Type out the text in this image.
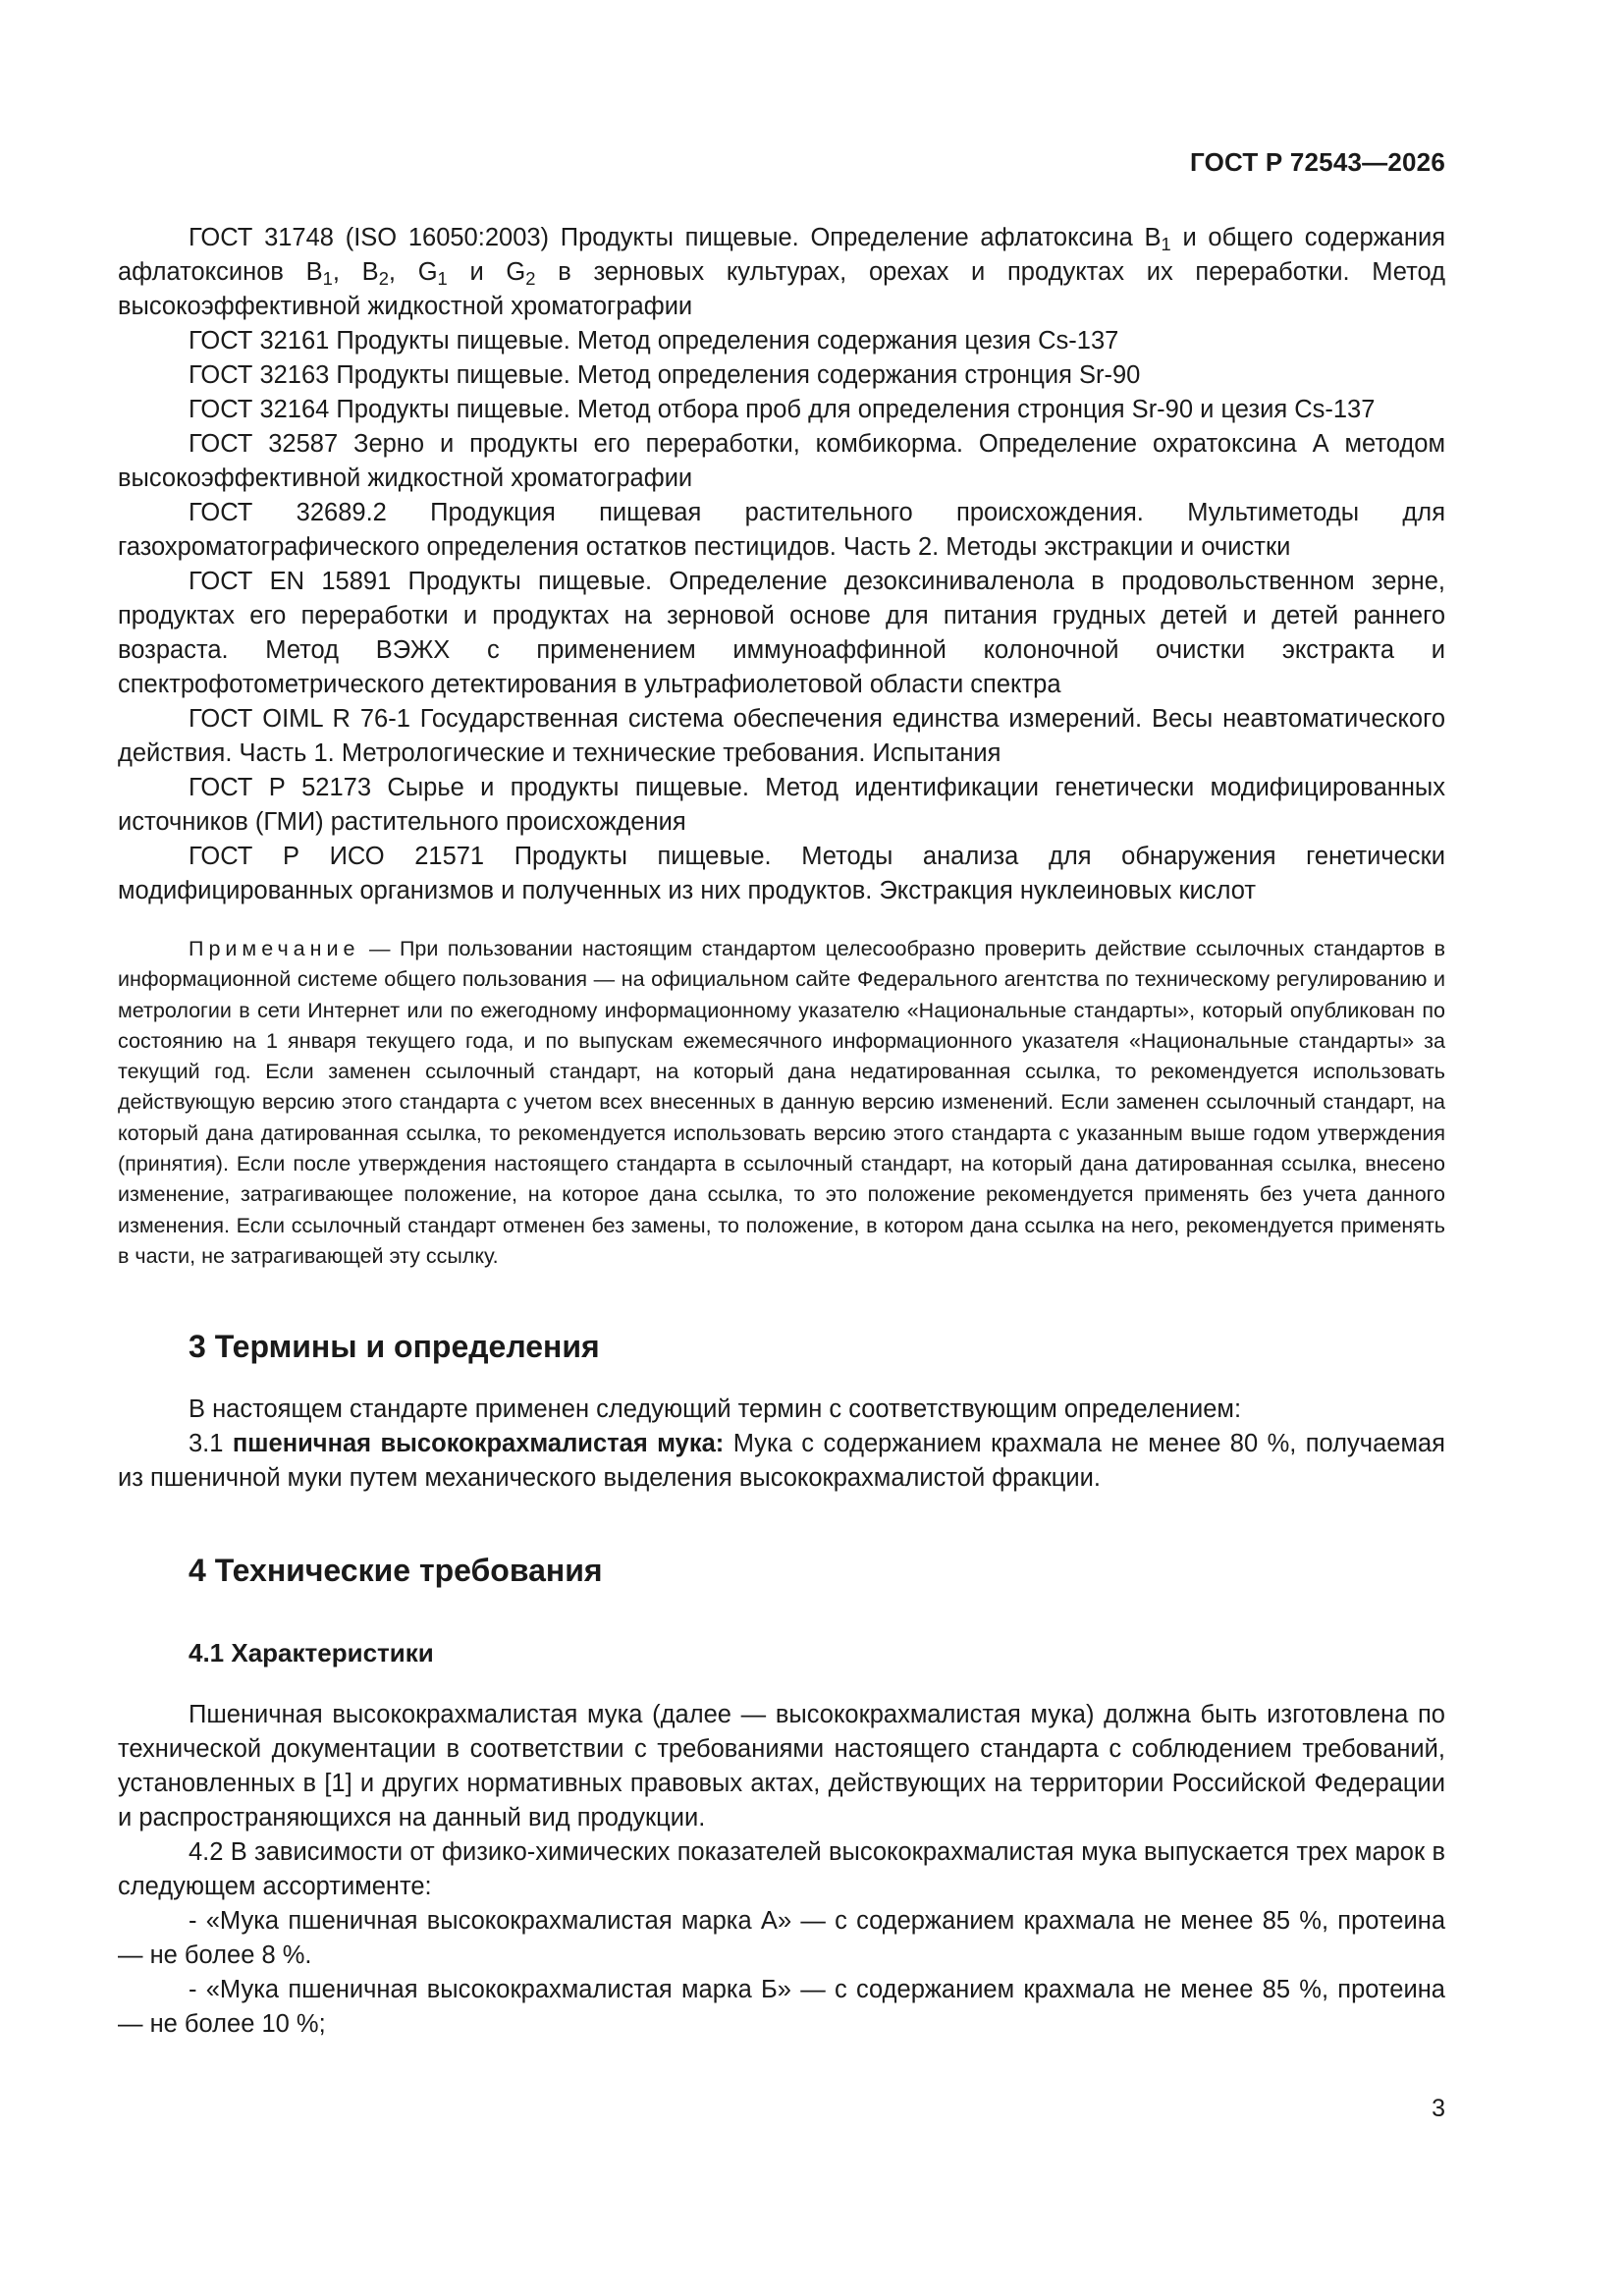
ГОСТ Р 72543—2026

ГОСТ 31748 (ISO 16050:2003) Продукты пищевые. Определение афлатоксина $B_1$ и общего содержания афлатоксинов $B_1$, $B_2$, $G_1$ и $G_2$ в зерновых культурах, орехах и продуктах их переработки. Метод высокоэффективной жидкостной хроматографии

ГОСТ 32161 Продукты пищевые. Метод определения содержания цезия Cs-137

ГОСТ 32163 Продукты пищевые. Метод определения содержания стронция Sr-90

ГОСТ 32164 Продукты пищевые. Метод отбора проб для определения стронция Sr-90 и цезия Cs-137

ГОСТ 32587 Зерно и продукты его переработки, комбикорма. Определение охратоксина А методом высокоэффективной жидкостной хроматографии

ГОСТ 32689.2 Продукция пищевая растительного происхождения. Мультиметоды для газохроматографического определения остатков пестицидов. Часть 2. Методы экстракции и очистки

ГОСТ EN 15891 Продукты пищевые. Определение дезоксиниваленола в продовольственном зерне, продуктах его переработки и продуктах на зерновой основе для питания грудных детей и детей раннего возраста. Метод ВЭЖХ с применением иммуноаффинной колоночной очистки экстракта и спектрофотометрического детектирования в ультрафиолетовой области спектра

ГОСТ OIML R 76-1 Государственная система обеспечения единства измерений. Весы неавтоматического действия. Часть 1. Метрологические и технические требования. Испытания

ГОСТ Р 52173 Сырье и продукты пищевые. Метод идентификации генетически модифицированных источников (ГМИ) растительного происхождения

ГОСТ Р ИСО 21571 Продукты пищевые. Методы анализа для обнаружения генетически модифицированных организмов и полученных из них продуктов. Экстракция нуклеиновых кислот

Примечание — При пользовании настоящим стандартом целесообразно проверить действие ссылочных стандартов в информационной системе общего пользования — на официальном сайте Федерального агентства по техническому регулированию и метрологии в сети Интернет или по ежегодному информационному указателю «Национальные стандарты», который опубликован по состоянию на 1 января текущего года, и по выпускам ежемесячного информационного указателя «Национальные стандарты» за текущий год. Если заменен ссылочный стандарт, на который дана недатированная ссылка, то рекомендуется использовать действующую версию этого стандарта с учетом всех внесенных в данную версию изменений. Если заменен ссылочный стандарт, на который дана датированная ссылка, то рекомендуется использовать версию этого стандарта с указанным выше годом утверждения (принятия). Если после утверждения настоящего стандарта в ссылочный стандарт, на который дана датированная ссылка, внесено изменение, затрагивающее положение, на которое дана ссылка, то это положение рекомендуется применять без учета данного изменения. Если ссылочный стандарт отменен без замены, то положение, в котором дана ссылка на него, рекомендуется применять в части, не затрагивающей эту ссылку.

3 Термины и определения

В настоящем стандарте применен следующий термин с соответствующим определением:

3.1 пшеничная высококрахмалистая мука: Мука с содержанием крахмала не менее 80 %, получаемая из пшеничной муки путем механического выделения высококрахмалистой фракции.

4 Технические требования
4.1 Характеристики

Пшеничная высококрахмалистая мука (далее — высококрахмалистая мука) должна быть изготовлена по технической документации в соответствии с требованиями настоящего стандарта с соблюдением требований, установленных в [1] и других нормативных правовых актах, действующих на территории Российской Федерации и распространяющихся на данный вид продукции.

4.2 В зависимости от физико-химических показателей высококрахмалистая мука выпускается трех марок в следующем ассортименте:

- «Мука пшеничная высококрахмалистая марка А» — с содержанием крахмала не менее 85 %, протеина — не более 8 %.

- «Мука пшеничная высококрахмалистая марка Б» — с содержанием крахмала не менее 85 %, протеина — не более 10 %;

3
